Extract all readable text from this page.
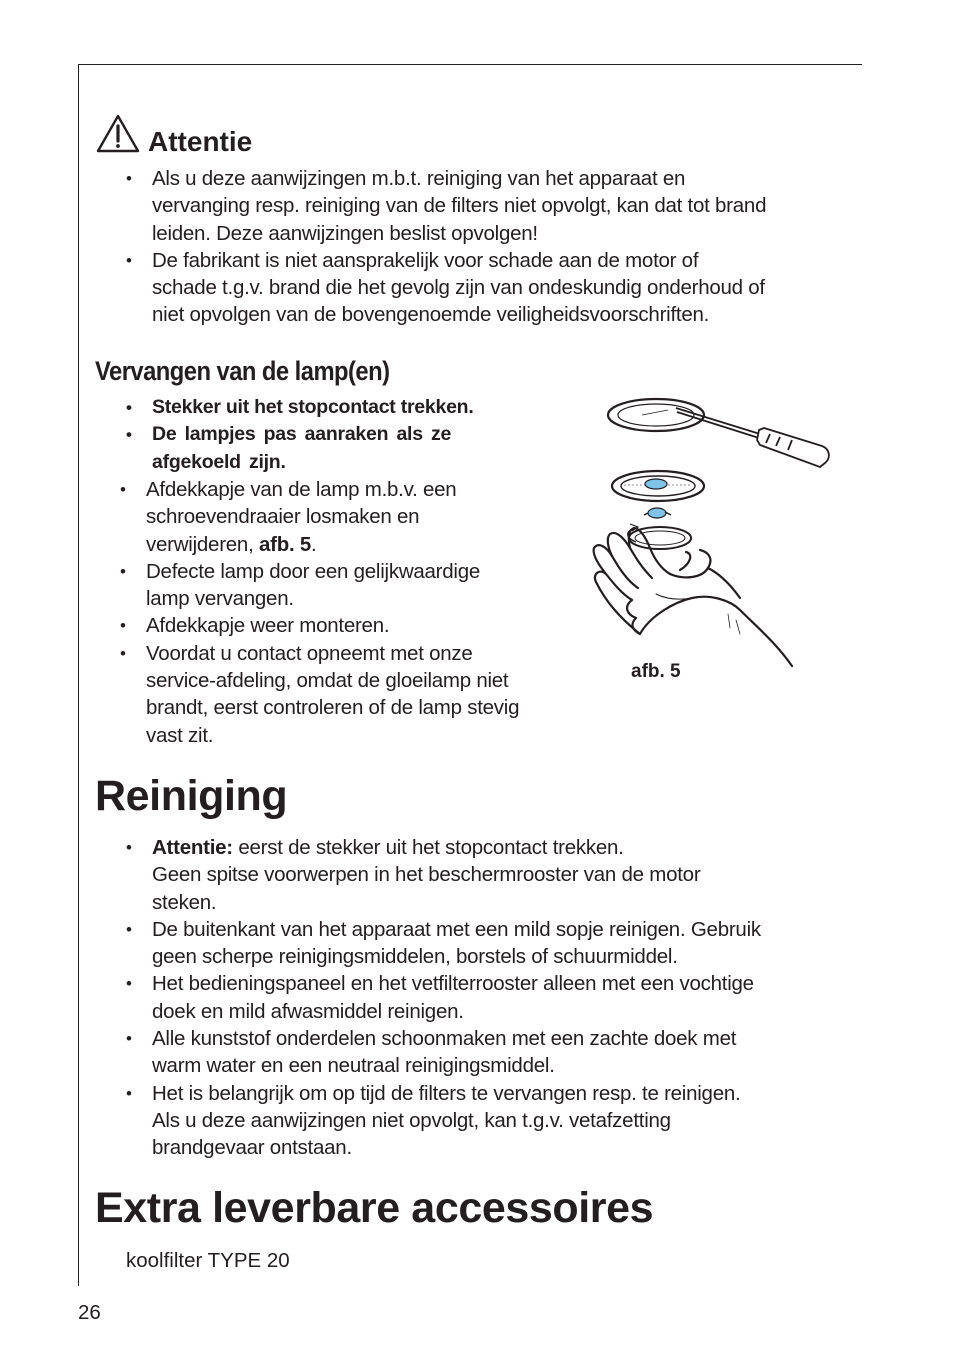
Attentie
• Als u deze aanwijzingen m.b.t. reiniging van het apparaat en
vervanging resp. reiniging van de filters niet opvolgt, kan dat tot brand
leiden. Deze aanwijzingen beslist opvolgen!
• De fabrikant is niet aansprakelijk voor schade aan de motor of
schade t.g.v. brand die het gevolg zijn van ondeskundig onderhoud of
niet opvolgen van de bovengenoemde veiligheidsvoorschriften.
Vervangen van de lamp(en)
• Stekker uit het stopcontact trekken.
• De lampjes pas aanraken als ze
afgekoeld zijn.
• Afdekkapje van de lamp m.b.v. een
schroevendraaier losmaken en
verwijderen, afb. 5.
• Defecte lamp door een gelijkwaardige
lamp vervangen.
• Afdekkapje weer monteren.
• Voordat u contact opneemt met onze
service-afdeling, omdat de gloeilamp niet
brandt, eerst controleren of de lamp stevig
vast zit.
afb. 5
Reiniging
• Attentie: eerst de stekker uit het stopcontact trekken.
Geen spitse voorwerpen in het beschermrooster van de motor
steken.
• De buitenkant van het apparaat met een mild sopje reinigen. Gebruik
geen scherpe reinigingsmiddelen, borstels of schuurmiddel.
• Het bedieningspaneel en het vetfilterrooster alleen met een vochtige
doek en mild afwasmiddel reinigen.
• Alle kunststof onderdelen schoonmaken met een zachte doek met
warm water en een neutraal reinigingsmiddel.
• Het is belangrijk om op tijd de filters te vervangen resp. te reinigen.
Als u deze aanwijzingen niet opvolgt, kan t.g.v. vetafzetting
brandgevaar ontstaan.
Extra leverbare accessoires
koolfilter TYPE 20
26
